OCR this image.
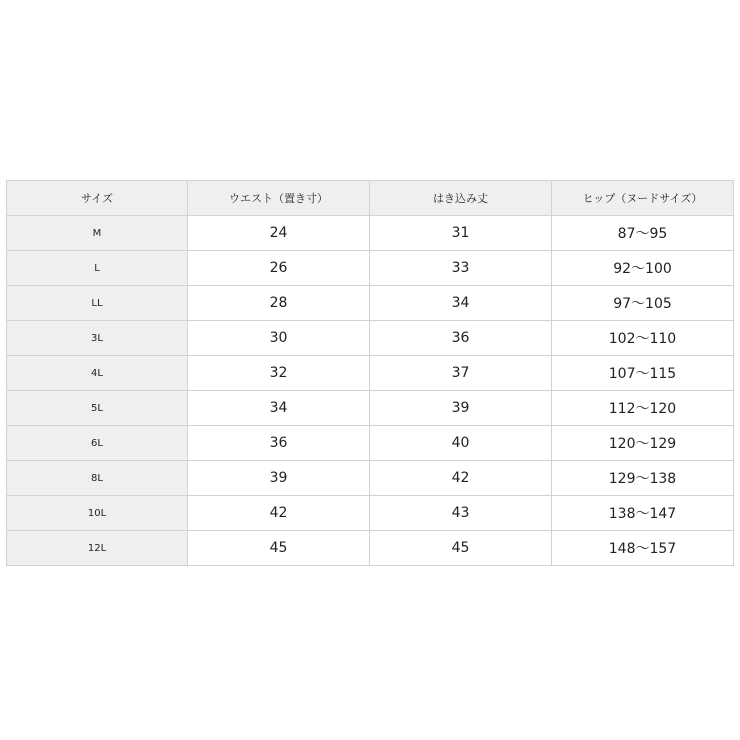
サイズ	ウエスト（置き寸）	はき込み丈	ヒップ（ヌードサイズ）
M	24	31	87～95
L	26	33	92～100
LL	28	34	97～105
3L	30	36	102～110
4L	32	37	107～115
5L	34	39	112～120
6L	36	40	120～129
8L	39	42	129～138
10L	42	43	138～147
12L	45	45	148～157
